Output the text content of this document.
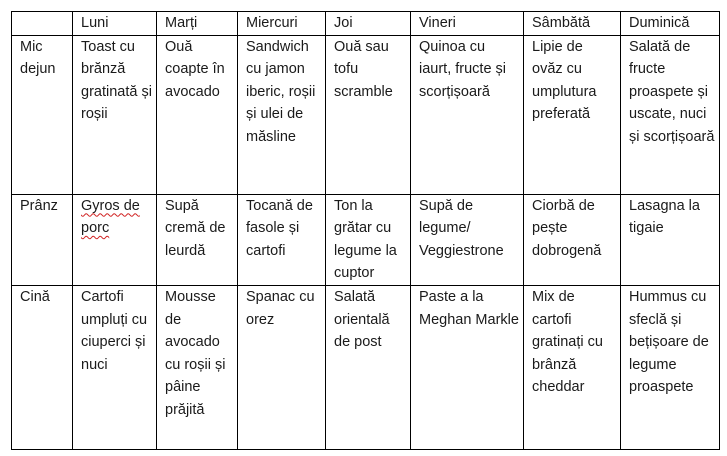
	Luni	Marți	Miercuri	Joi	Vineri	Sâmbătă	Duminică
Mic dejun	Toast cu brănză gratinată și roșii	Ouă coapte în avocado	Sandwich cu jamon iberic, roșii și ulei de măsline	Ouă sau tofu scramble	Quinoa cu iaurt, fructe și scorțișoară	Lipie de ovăz cu umplutura preferată	Salată de fructe proaspete și uscate, nuci și scorțișoară
Prânz	Gyros de porc	Supă cremă de leurdă	Tocană de fasole și cartofi	Ton la grătar cu legume la cuptor	Supă de legume/ Veggiestrone	Ciorbă de pește dobrogenă	Lasagna la tigaie
Cină	Cartofi umpluți cu ciuperci și nuci	Mousse de avocado cu roșii și pâine prăjită	Spanac cu orez	Salată orientală de post	Paste a la Meghan Markle	Mix de cartofi gratinați cu brânză cheddar	Hummus cu sfeclă și bețișoare de legume proaspete
